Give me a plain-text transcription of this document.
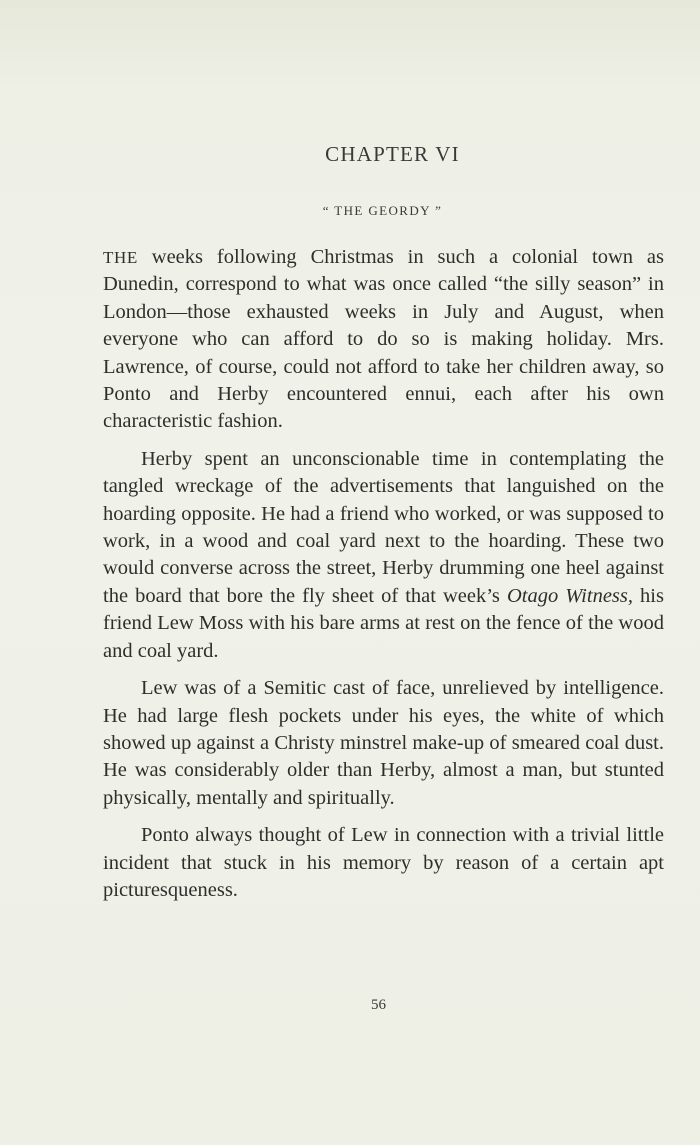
CHAPTER VI
“ THE GEORDY ”

THE weeks following Christmas in such a colonial town as Dunedin, correspond to what was once called “the silly season” in London—those exhausted weeks in July and August, when everyone who can afford to do so is making holiday. Mrs. Lawrence, of course, could not afford to take her children away, so Ponto and Herby encountered ennui, each after his own characteristic fashion.

Herby spent an unconscionable time in contemplating the tangled wreckage of the advertisements that languished on the hoarding opposite. He had a friend who worked, or was supposed to work, in a wood and coal yard next to the hoarding. These two would converse across the street, Herby drumming one heel against the board that bore the fly sheet of that week’s Otago Witness, his friend Lew Moss with his bare arms at rest on the fence of the wood and coal yard.

Lew was of a Semitic cast of face, unrelieved by intelligence. He had large flesh pockets under his eyes, the white of which showed up against a Christy minstrel make-up of smeared coal dust. He was considerably older than Herby, almost a man, but stunted physically, mentally and spiritually.

Ponto always thought of Lew in connection with a trivial little incident that stuck in his memory by reason of a certain apt picturesqueness.

56
